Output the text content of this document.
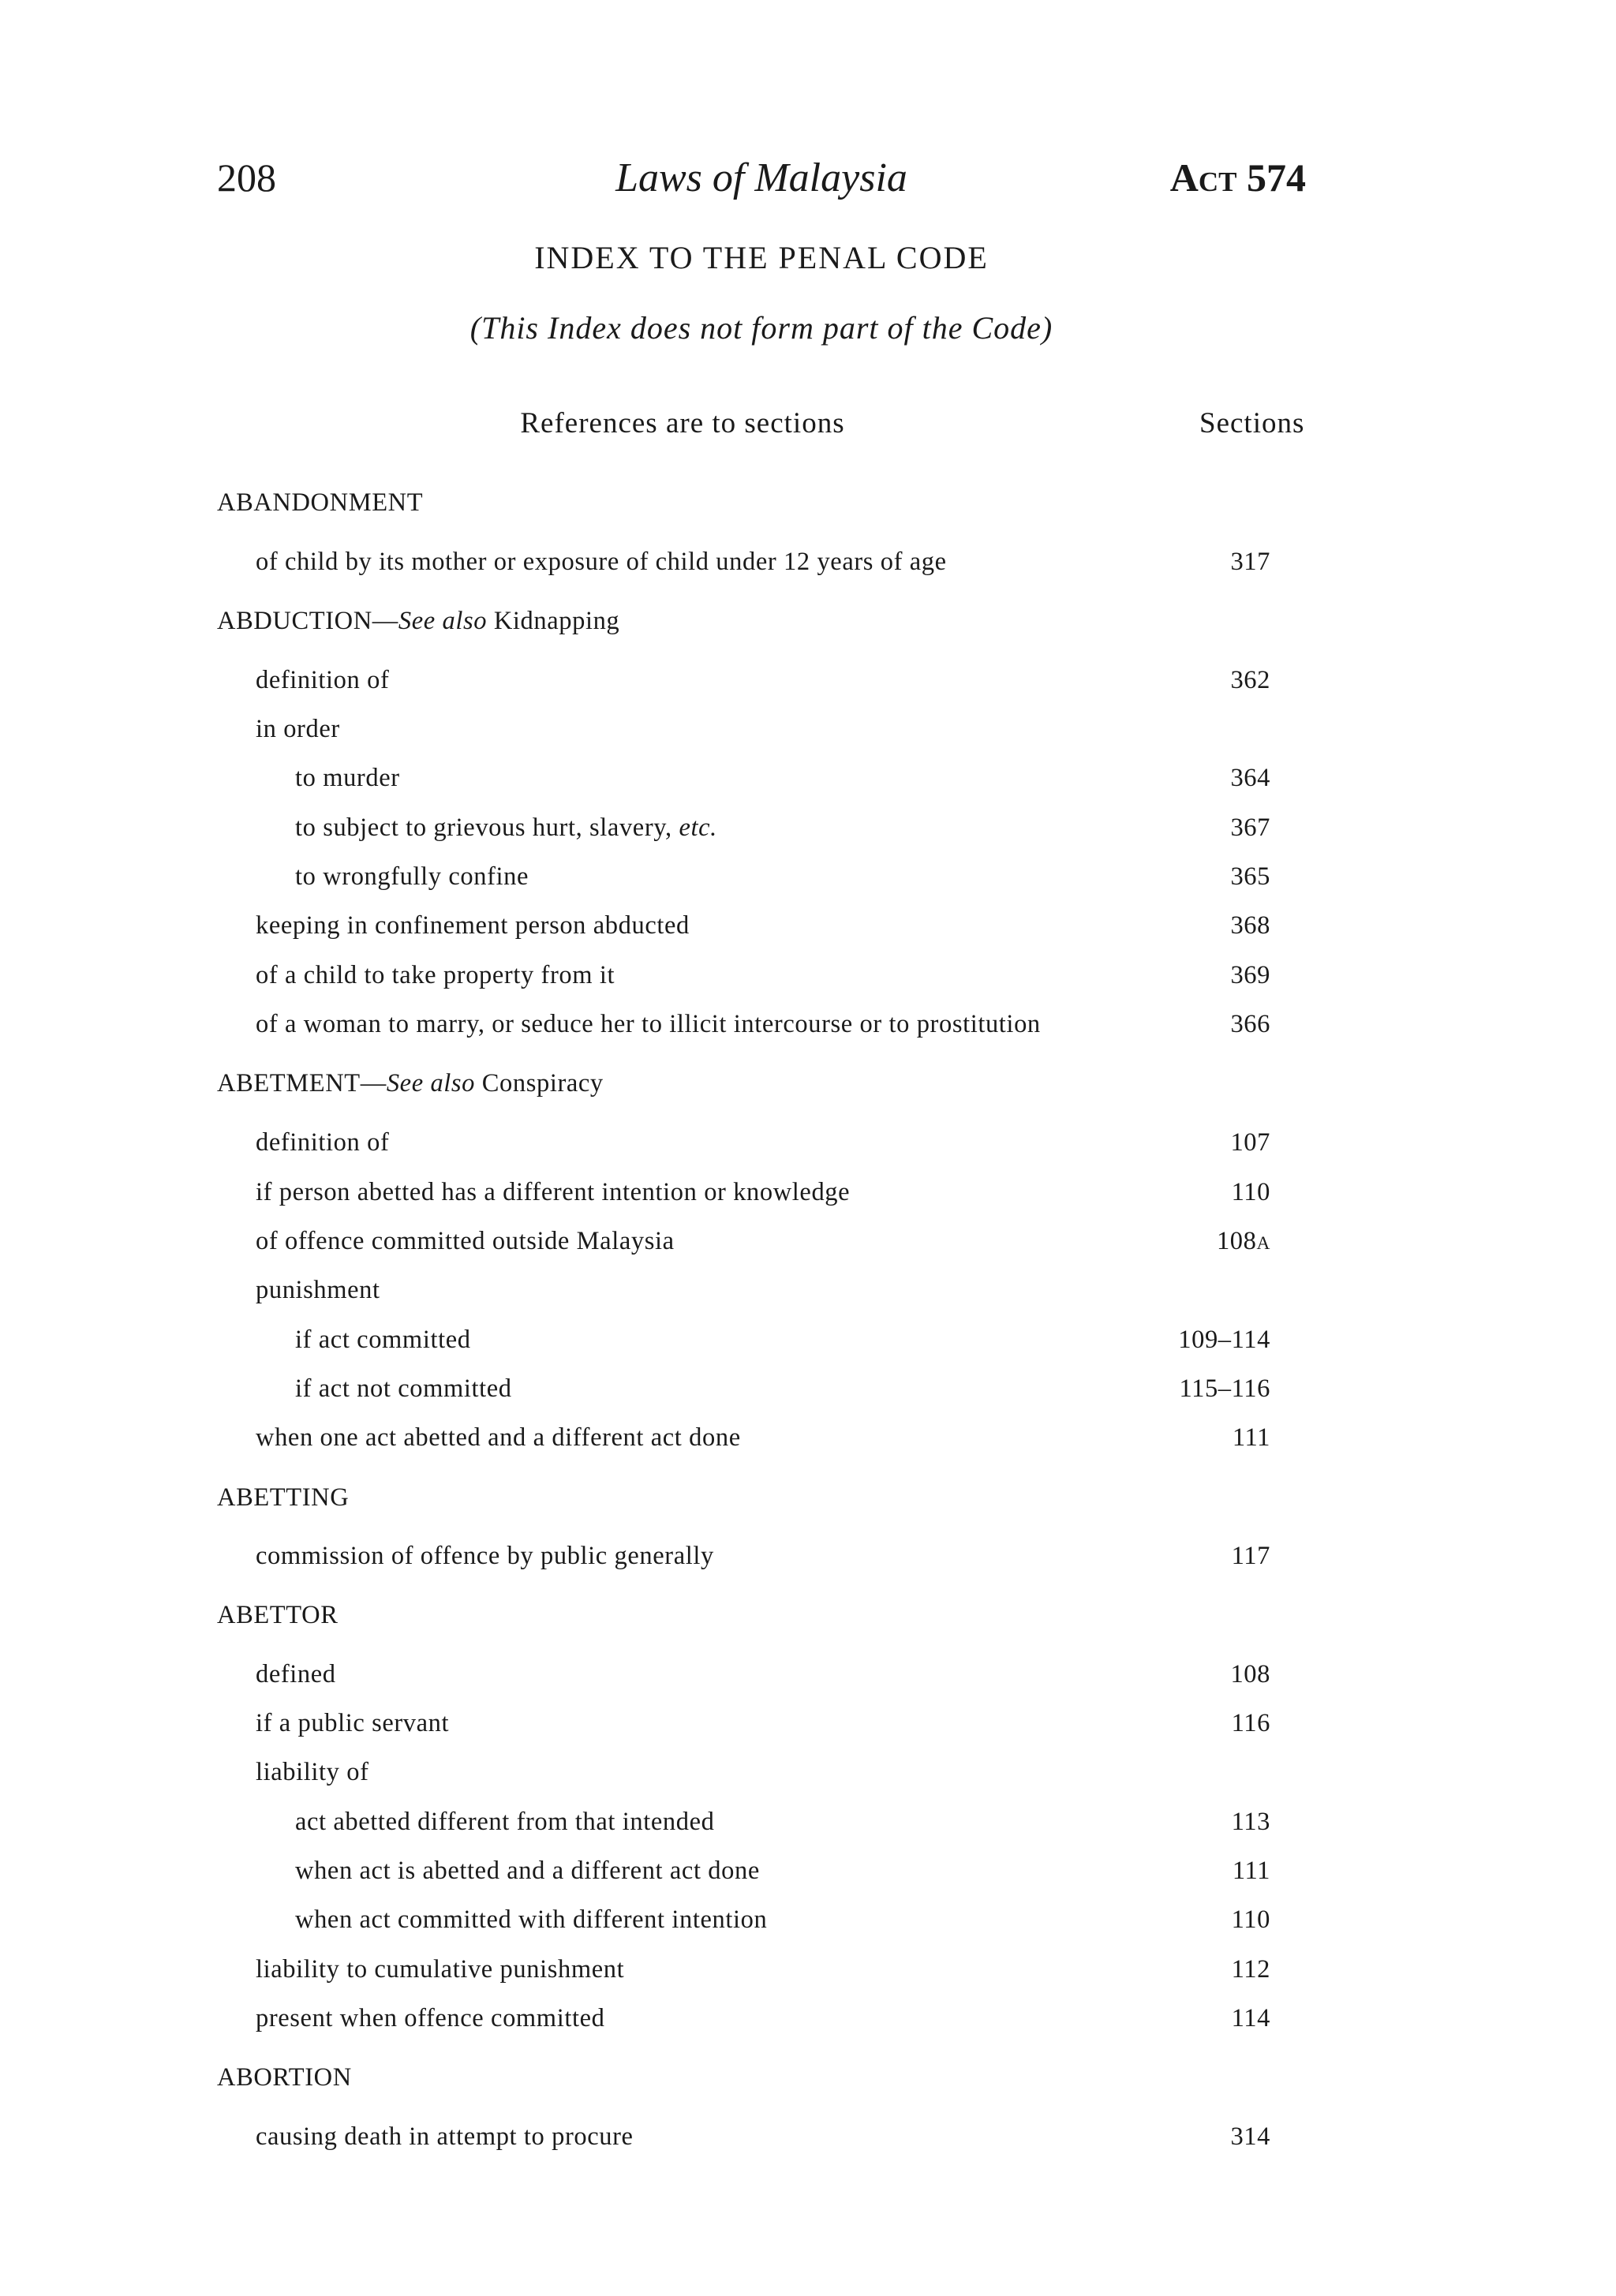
208	Laws of Malaysia	Act 574
INDEX TO THE PENAL CODE
(This Index does not form part of the Code)
References are to sections	Sections
ABANDONMENT
of child by its mother or exposure of child under 12 years of age	317
ABDUCTION—See also Kidnapping
definition of	362
in order
to murder	364
to subject to grievous hurt, slavery, etc.	367
to wrongfully confine	365
keeping in confinement person abducted	368
of a child to take property from it	369
of a woman to marry, or seduce her to illicit intercourse or to prostitution	366
ABETMENT—See also Conspiracy
definition of	107
if person abetted has a different intention or knowledge	110
of offence committed outside Malaysia	108A
punishment
if act committed	109–114
if act not committed	115–116
when one act abetted and a different act done	111
ABETTING
commission of offence by public generally	117
ABETTOR
defined	108
if a public servant	116
liability of
act abetted different from that intended	113
when act is abetted and a different act done	111
when act committed with different intention	110
liability to cumulative punishment	112
present when offence committed	114
ABORTION
causing death in attempt to procure	314
